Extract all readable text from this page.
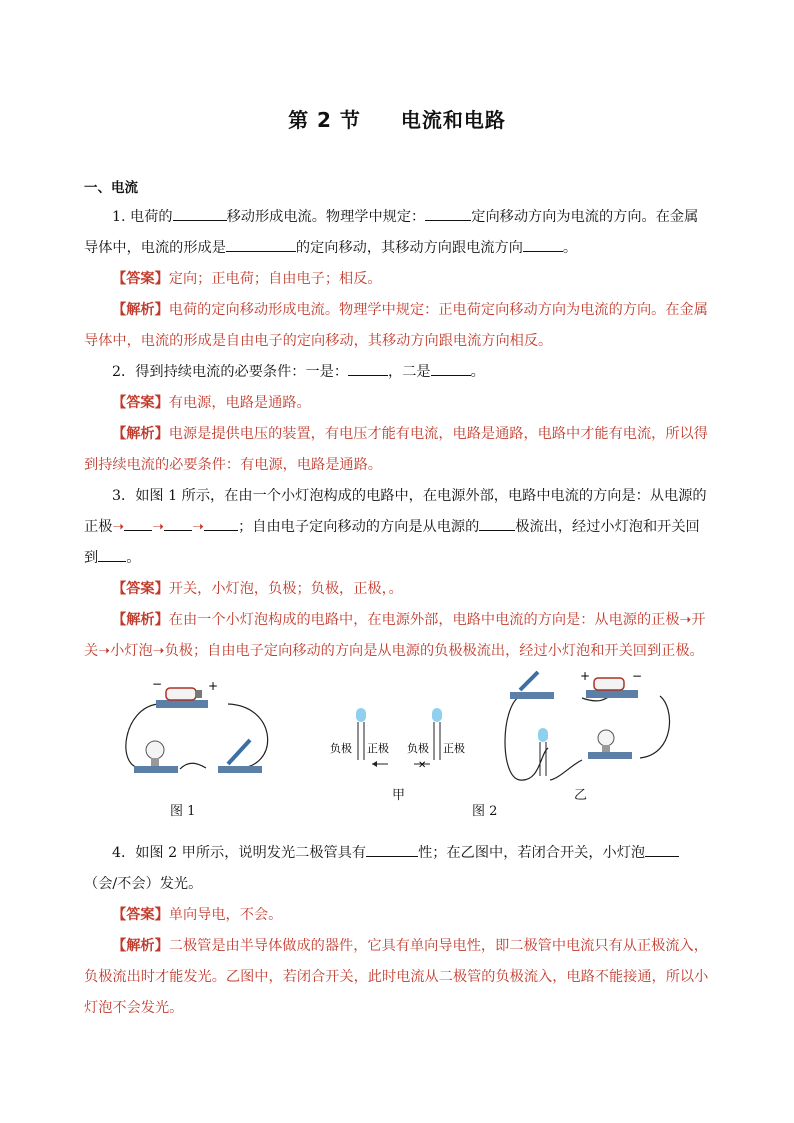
第 2 节 电流和电路
一、电流
1. 电荷的	移动形成电流。物理学中规定：	定向移动方向为电流的方向。在金属导体中，电流的形成是	的定向移动，其移动方向跟电流方向	。
【答案】定向；正电荷；自由电子；相反。
【解析】电荷的定向移动形成电流。物理学中规定：正电荷定向移动方向为电流的方向。在金属导体中，电流的形成是自由电子的定向移动，其移动方向跟电流方向相反。
2．得到持续电流的必要条件：一是：	，二是	。
【答案】有电源，电路是通路。
【解析】电源是提供电压的装置，有电压才能有电流，电路是通路，电路中才能有电流，所以得到持续电流的必要条件：有电源，电路是通路。
3．如图 1 所示，在由一个小灯泡构成的电路中，在电源外部，电路中电流的方向是：从电源的正极➝ ➝ ➝ ；自由电子定向移动的方向是从电源的	极流出，经过小灯泡和开关回到 。
【答案】开关，小灯泡，负极；负极，正极，。
【解析】在由一个小灯泡构成的电路中，在电源外部，电路中电流的方向是：从电源的正极➝开关➝小灯泡➝负极；自由电子定向移动的方向是从电源的负极极流出，经过小灯泡和开关回到正极。
−	+
图 1
负极 正极 负极 正极
✕
甲
图 2
+	−
乙
4．如图 2 甲所示，说明发光二极管具有	性；在乙图中，若闭合开关，小灯泡（会/不会）发光。
【答案】单向导电，不会。
【解析】二极管是由半导体做成的器件，它具有单向导电性，即二极管中电流只有从正极流入，负极流出时才能发光。乙图中，若闭合开关，此时电流从二极管的负极流入，电路不能接通，所以小灯泡不会发光。
